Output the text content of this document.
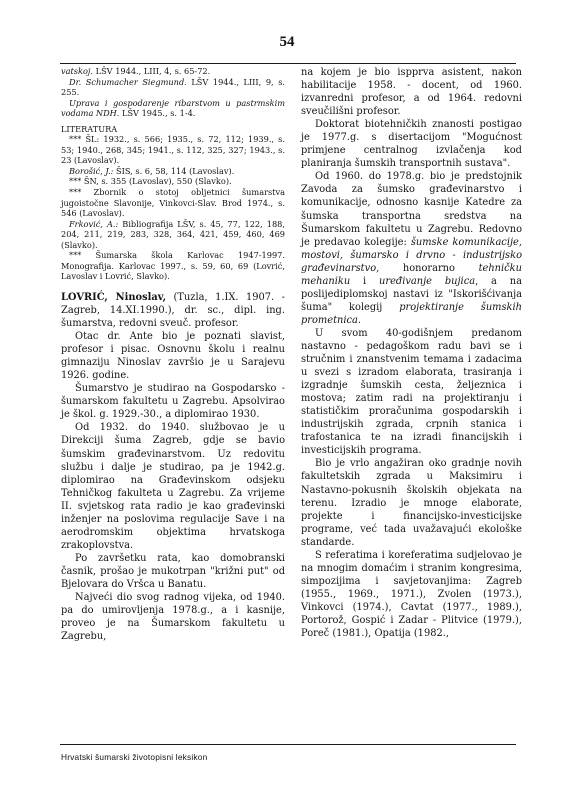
54

vatskoj. LŠV 1944., LIII, 4, s. 65-72.

Dr. Schumacher Siegmund. LŠV 1944., LIII, 9, s. 255.

Uprava i gospodarenje ribarstvom u pastrmskim vodama NDH. LŠV 1945., s. 1-4.

LITERATURA

*** ŠL: 1932., s. 566; 1935., s. 72, 112; 1939., s. 53; 1940., 268, 345; 1941., s. 112, 325, 327; 1943., s. 23 (Lavoslav).

Borošić, J.: ŠIS, s. 6, 58, 114 (Lavoslav).

*** ŠN, s. 355 (Lavoslav), 550 (Slavko).

*** Zbornik o stotoj obljetnici šumarstva jugoistočne Slavonije, Vinkovci-Slav. Brod 1974., s. 546 (Lavoslav).

Frković, A.: Bibliografija LŠV, s. 45, 77, 122, 188, 204, 211, 219, 283, 328, 364, 421, 459, 460, 469 (Slavko).

*** Šumarska škola Karlovac 1947-1997. Monografija. Karlovac 1997., s. 59, 60, 69 (Lovrić, Lavoslav i Lovrić, Slavko).

LOVRIĆ, Ninoslav, (Tuzla, 1.IX. 1907. - Zagreb, 14.XI.1990.), dr. sc., dipl. ing. šumarstva, redovni sveuč. profesor.

Otac dr. Ante bio je poznati slavist, profesor i pisac. Osnovnu školu i realnu gimnaziju Ninoslav završio je u Sarajevu 1926. godine.

Šumarstvo je studirao na Gospodarsko - šumarskom fakultetu u Zagrebu. Apsolvirao je škol. g. 1929.-30., a diplomirao 1930.

Od 1932. do 1940. službovao je u Direkciji šuma Zagreb, gdje se bavio šumskim građevinarstvom. Uz redovitu službu i dalje je studirao, pa je 1942.g. diplomirao na Građevinskom odsjeku Tehničkog fakulteta u Zagrebu. Za vrijeme II. svjetskog rata radio je kao građevinski inženjer na poslovima regulacije Save i na aerodromskim objektima hrvatskoga zrakoplovstva.

Po završetku rata, kao domobranski časnik, prošao je mukotrpan "križni put" od Bjelovara do Vršca u Banatu.

Najveći dio svog radnog vijeka, od 1940. pa do umirovljenja 1978.g., a i kasnije, proveo je na Šumarskom fakultetu u Zagrebu,

na kojem je bio ispprva asistent, nakon habilitacije 1958. - docent, od 1960. izvanredni profesor, a od 1964. redovni sveučilišni profesor.

Doktorat biotehničkih znanosti postigao je 1977.g. s disertacijom "Mogućnost primjene centralnog izvlačenja kod planiranja šumskih transportnih sustava".

Od 1960. do 1978.g. bio je predstojnik Zavoda za šumsko građevinarstvo i komunikacije, odnosno kasnije Katedre za šumska transportna sredstva na Šumarskom fakultetu u Zagrebu. Redovno je predavao kolegije: šumske komunikacije, mostovi, šumarsko i drvno - industrijsko građevinarstvo, honorarno tehničku mehaniku i uređivanje bujica, a na poslijediplomskoj nastavi iz "Iskorišćivanja šuma" kolegij projektiranje šumskih prometnica.

U svom 40-godišnjem predanom nastavno - pedagoškom radu bavi se i stručnim i znanstvenim temama i zadacima u svezi s izradom elaborata, trasiranja i izgradnje šumskih cesta, željeznica i mostova; zatim radi na projektiranju i statističkim proračunima gospodarskih i industrijskih zgrada, crpnih stanica i trafostanica te na izradi financijskih i investicijskih programa.

Bio je vrlo angažiran oko gradnje novih fakultetskih zgrada u Maksimiru i Nastavno-pokusnih školskih objekata na terenu. Izradio je mnoge elaborate, projekte i financijsko-investicijske programe, već tada uvažavajući ekološke standarde.

S referatima i koreferatima sudjelovao je na mnogim domaćim i stranim kongresima, simpozijima i savjetovanjima: Zagreb (1955., 1969., 1971.), Zvolen (1973.), Vinkovci (1974.), Cavtat (1977., 1989.), Portorož, Gospić i Zadar - Plitvice (1979.), Poreč (1981.), Opatija (1982.,

Hrvatski šumarski životopisni leksikon
